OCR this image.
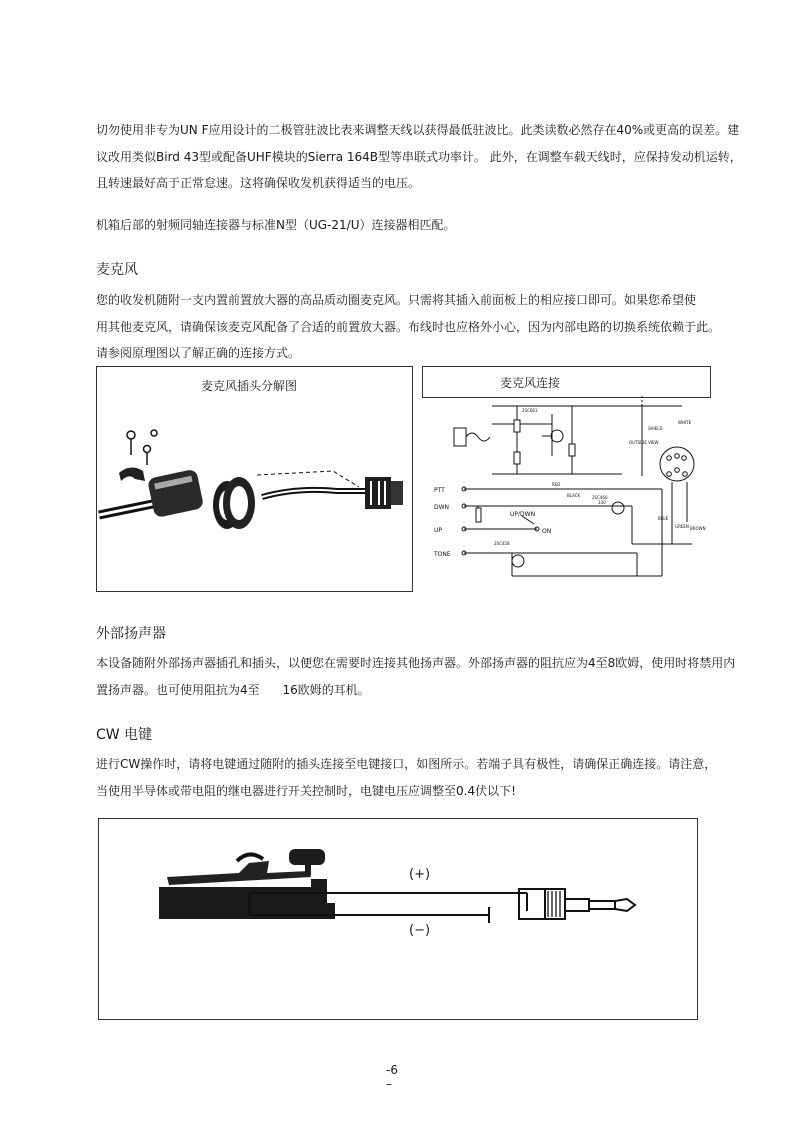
切勿使用非专为UN F应用设计的二极管驻波比表来调整天线以获得最低驻波比。此类读数必然存在40%或更高的误差。建
议改用类似Bird 43型或配备UHF模块的Sierra 164B型等串联式功率计。 此外，在调整车载天线时，应保持发动机运转，
且转速最好高于正常怠速。这将确保收发机获得适当的电压。
机箱后部的射频同轴连接器与标准N型（UG-21/U）连接器相匹配。
麦克风
您的收发机随附一支内置前置放大器的高品质动圈麦克风。只需将其插入前面板上的相应接口即可。如果您希望使
用其他麦克风，请确保该麦克风配备了合适的前置放大器。布线时也应格外小心，因为内部电路的切换系统依赖于此。
请参阅原理图以了解正确的连接方式。
麦克风插头分解图	麦克风连接
PTT
DWN
UP
TONE
UP/DWN
ON
RED
BLACK
SHIELD
WHITE
OUTSIDE VIEW
BLUE
GREEN BROWN
2SC661
2SC458
2SC460
330
外部扬声器
本设备随附外部扬声器插孔和插头，以便您在需要时连接其他扬声器。外部扬声器的阻抗应为4至8欧姆，使用时将禁用内
置扬声器。也可使用阻抗为4至      16欧姆的耳机。
CW 电键
进行CW操作时，请将电键通过随附的插头连接至电键接口，如图所示。若端子具有极性，请确保正确连接。请注意，
当使用半导体或带电阻的继电器进行开关控制时，电键电压应调整至0.4伏以下!
(+)
(−)
-6
–
